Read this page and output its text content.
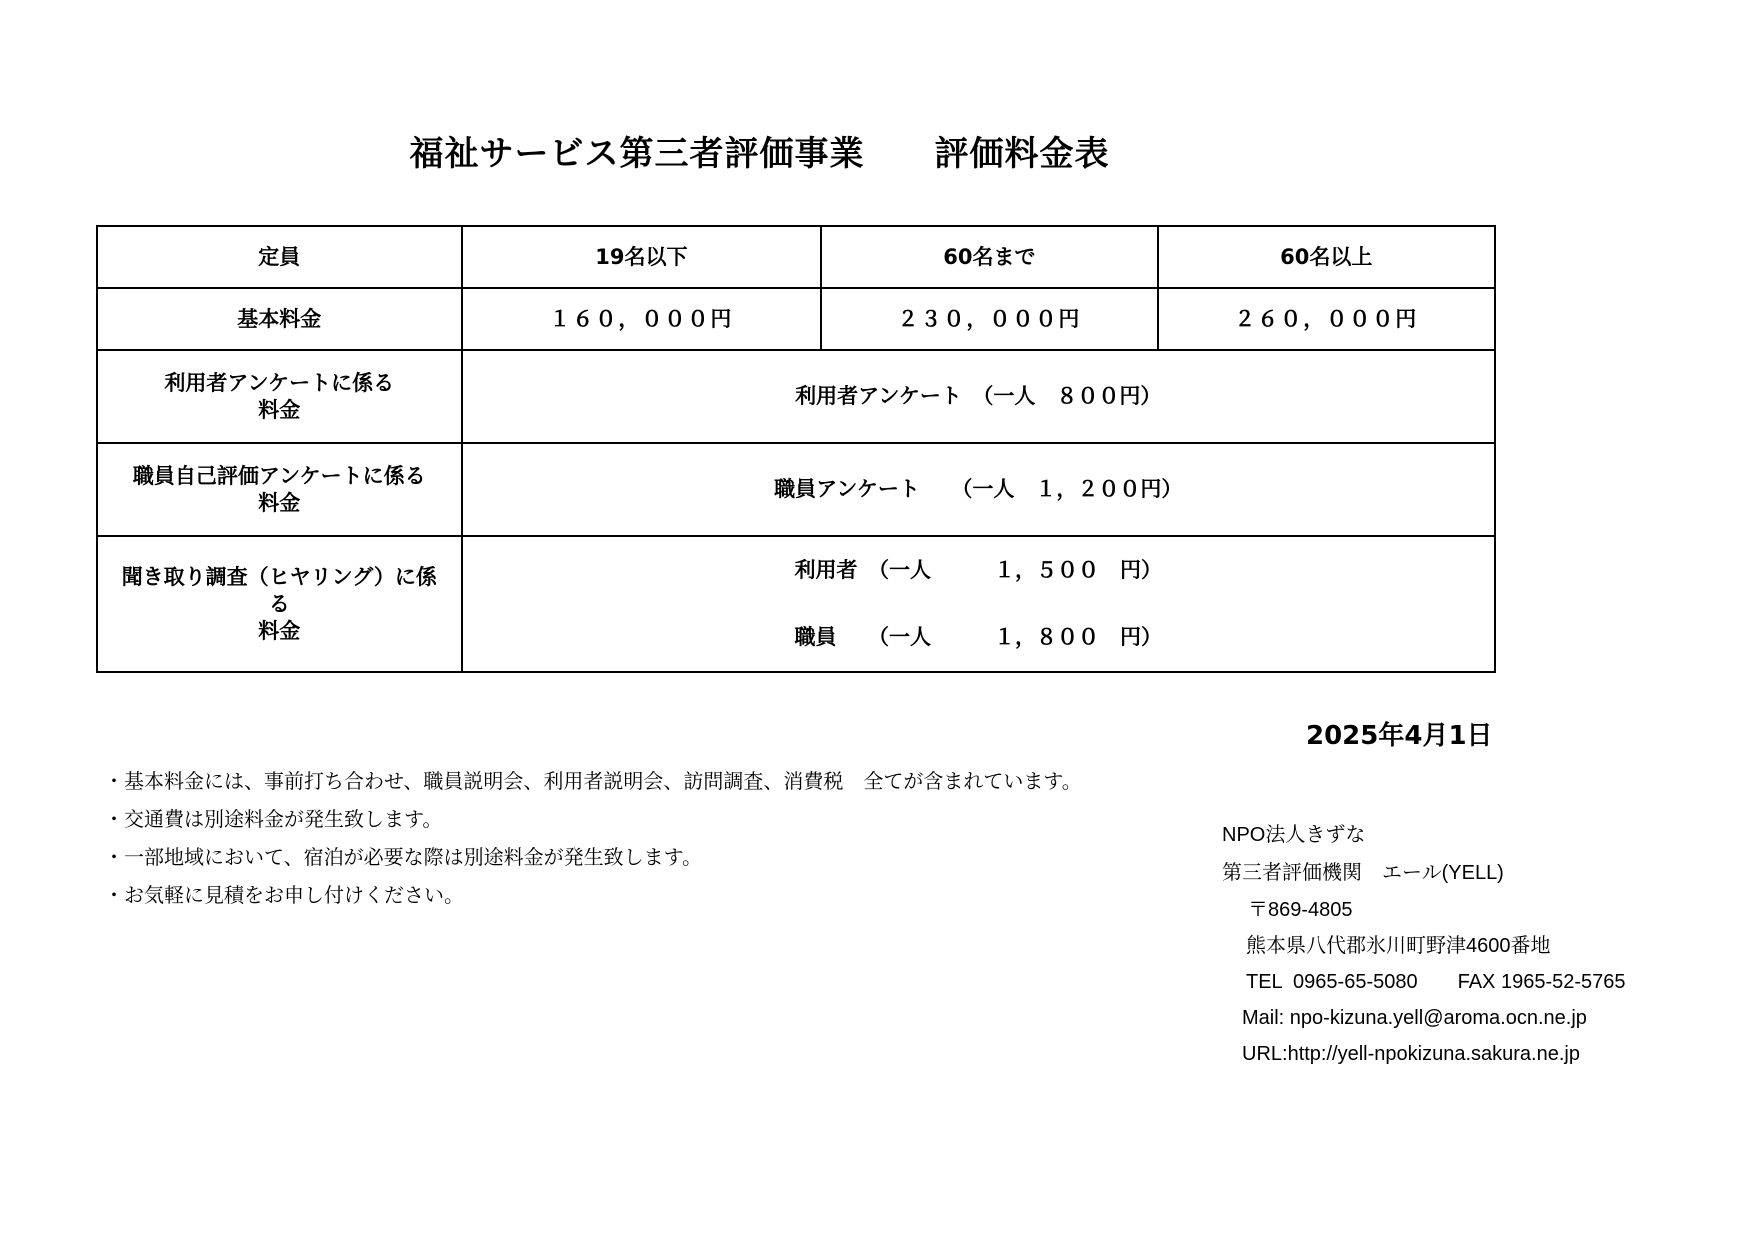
福祉サービス第三者評価事業　　評価料金表
定員	19名以下	60名まで	60名以上
基本料金	１６０，０００円	２３０，０００円	２６０，０００円

利用者アンケートに係る
料金	利用者アンケート　（一人　８００円）		

職員自己評価アンケートに係る
料金	職員アンケート　　（一人　１，２００円）		

聞き取り調査（ヒヤリング）に係
る
料金	利用者　（一人　　　１，５００　円）
職員　　（一人　　　１，８００　円）		
2025年4月1日
・基本料金には、事前打ち合わせ、職員説明会、利用者説明会、訪問調査、消費税　全てが含まれています。
・交通費は別途料金が発生致します。
・一部地域において、宿泊が必要な際は別途料金が発生致します。
・お気軽に見積をお申し付けください。
NPO法人きずな
第三者評価機関　エール(YELL)
〒869-4805
熊本県八代郡氷川町野津4600番地
TEL  0965-65-5080　　FAX 1965-52-5765
Mail: npo-kizuna.yell@aroma.ocn.ne.jp
URL:http://yell-npokizuna.sakura.ne.jp
